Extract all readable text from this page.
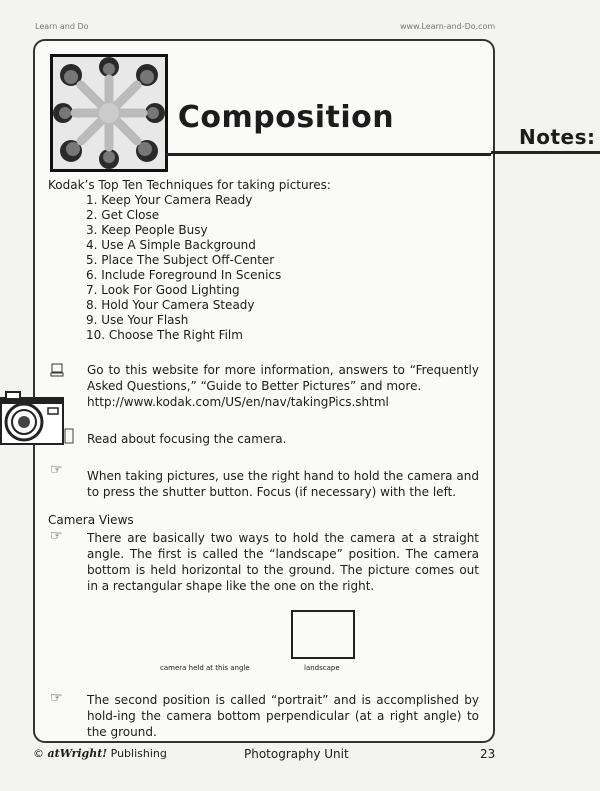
Learn and Do	www.Learn-and-Do.com
Composition
Notes:
Kodak’s Top Ten Techniques for taking pictures:
1. Keep Your Camera Ready
2. Get Close
3. Keep People Busy
4. Use A Simple Background
5. Place The Subject Off-Center
6. Include Foreground In Scenics
7. Look For Good Lighting
8. Hold Your Camera Steady
9. Use Your Flash
10. Choose The Right Film
Go to this website for more information, answers to “Frequently Asked Questions,” “Guide to Better Pictures” and more.
http://www.kodak.com/US/en/nav/takingPics.shtml
Read about focusing the camera.
☞ When taking pictures, use the right hand to hold the camera and to press the shutter button. Focus (if necessary) with the left.
Camera Views
☞ There are basically two ways to hold the camera at a straight angle. The first is called the “landscape” position. The camera bottom is held horizontal to the ground. The picture comes out in a rectangular shape like the one on the right.
camera held at this angle	landscape
☞ The second position is called “portrait” and is accomplished by hold-ing the camera bottom perpendicular (at a right angle) to the ground.
© atWright! Publishing	Photography Unit	23
